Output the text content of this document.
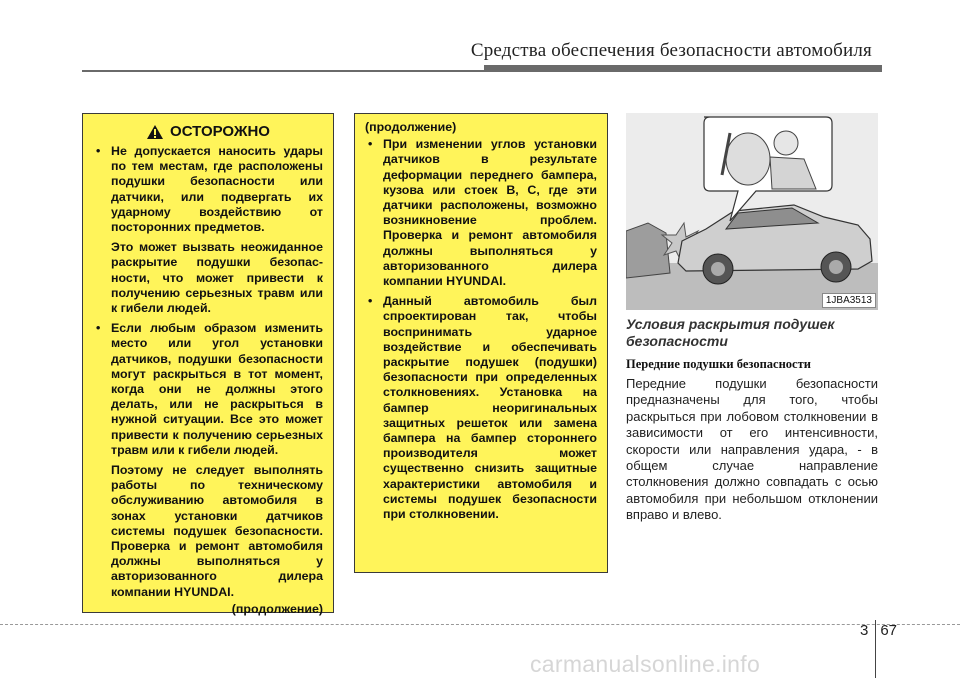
Средства обеспечения безопасности автомобиля
ОСТОРОЖНО
• Не допускается наносить удары по тем местам, где расположены подушки безопасности или датчики, или подвергать их ударному воздействию от посторонних предметов.
Это может вызвать неожиданное раскрытие подушки безопас-ности, что может привести к получению серьезных травм или к гибели людей.
• Если любым образом изменить место или угол установки датчиков, подушки безопасности могут раскрыться в тот момент, когда они не должны этого делать, или не раскрыться в нужной ситуации. Все это может привести к получению серьезных травм или к гибели людей.
Поэтому не следует выполнять работы по техническому обслуживанию автомобиля в зонах установки датчиков системы подушек безопасности. Проверка и ремонт автомобиля должны выполняться у авторизованного дилера компании HYUNDAI.
(продолжение)
(продолжение)
• При изменении углов установки датчиков в результате деформации переднего бампера, кузова или стоек B, C, где эти датчики расположены, возможно возникновение проблем. Проверка и ремонт автомобиля должны выполняться у авторизованного дилера компании HYUNDAI.
• Данный автомобиль был спроектирован так, чтобы воспринимать ударное воздействие и обеспечивать раскрытие подушек (подушки) безопасности при определенных столкновениях. Установка на бампер неоригинальных защитных решеток или замена бампера на бампер стороннего производителя может существенно снизить защитные характеристики автомобиля и системы подушек безопасности при столкновении.
1JBA3513
Условия раскрытия подушек безопасности
Передние подушки безопасности
Передние подушки безопасности предназначены для того, чтобы раскрыться при лобовом столкновении в зависимости от его интенсивности, скорости или направления удара, - в общем случае направление столкновения должно совпадать с осью автомобиля при небольшом отклонении вправо и влево.
3 67
carmanualsonline.info
